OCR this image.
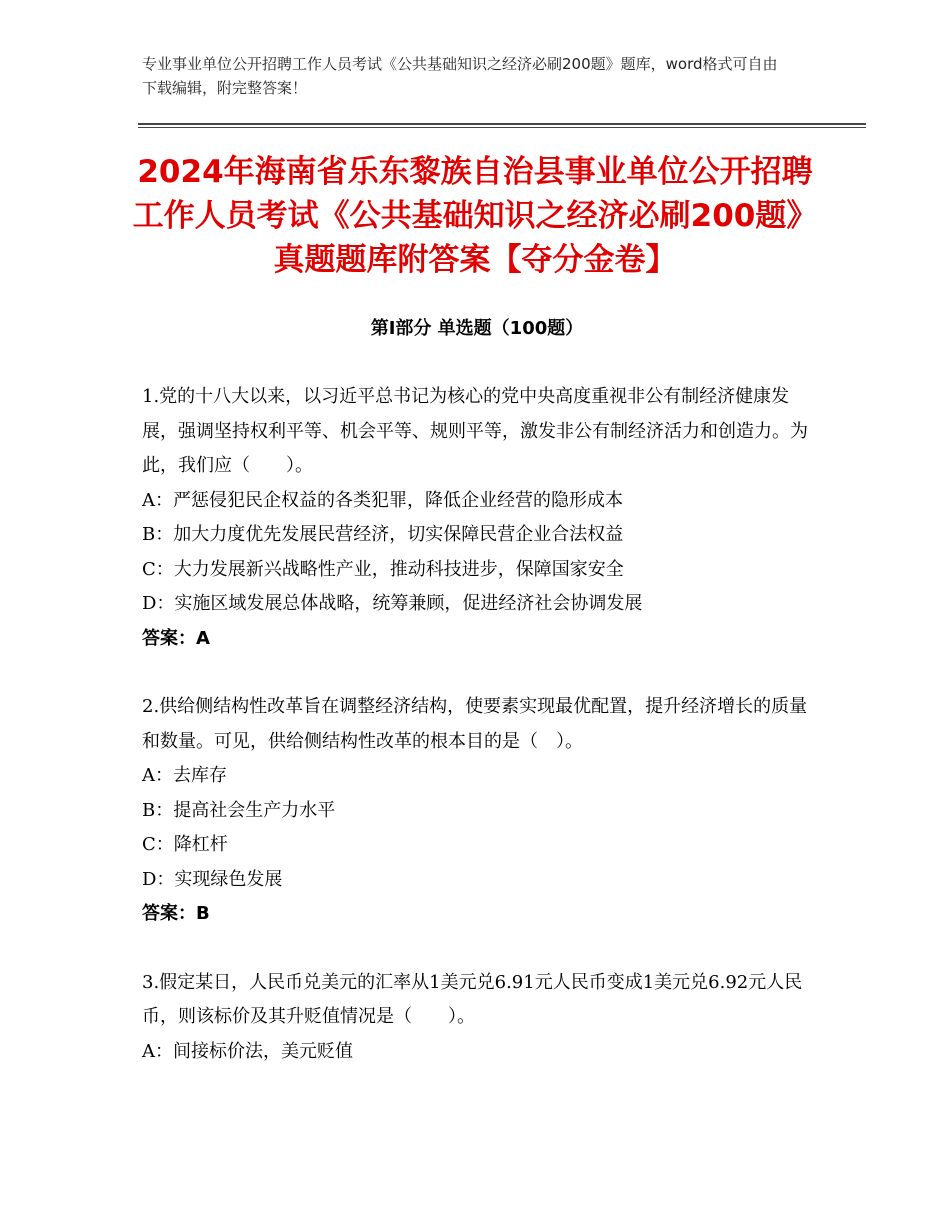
专业事业单位公开招聘工作人员考试《公共基础知识之经济必刷200题》题库，word格式可自由下载编辑，附完整答案！
2024年海南省乐东黎族自治县事业单位公开招聘工作人员考试《公共基础知识之经济必刷200题》真题题库附答案【夺分金卷】
第I部分 单选题（100题）

1.党的十八大以来，以习近平总书记为核心的党中央高度重视非公有制经济健康发展，强调坚持权利平等、机会平等、规则平等，激发非公有制经济活力和创造力。为此，我们应（　　）。

A：严惩侵犯民企权益的各类犯罪，降低企业经营的隐形成本

B：加大力度优先发展民营经济，切实保障民营企业合法权益

C：大力发展新兴战略性产业，推动科技进步，保障国家安全

D：实施区域发展总体战略，统筹兼顾，促进经济社会协调发展

答案：A

2.供给侧结构性改革旨在调整经济结构，使要素实现最优配置，提升经济增长的质量和数量。可见，供给侧结构性改革的根本目的是（　）。

A：去库存

B：提高社会生产力水平

C：降杠杆

D：实现绿色发展

答案：B

3.假定某日，人民币兑美元的汇率从1美元兑6.91元人民币变成1美元兑6.92元人民币，则该标价及其升贬值情况是（　　）。

A：间接标价法，美元贬值
